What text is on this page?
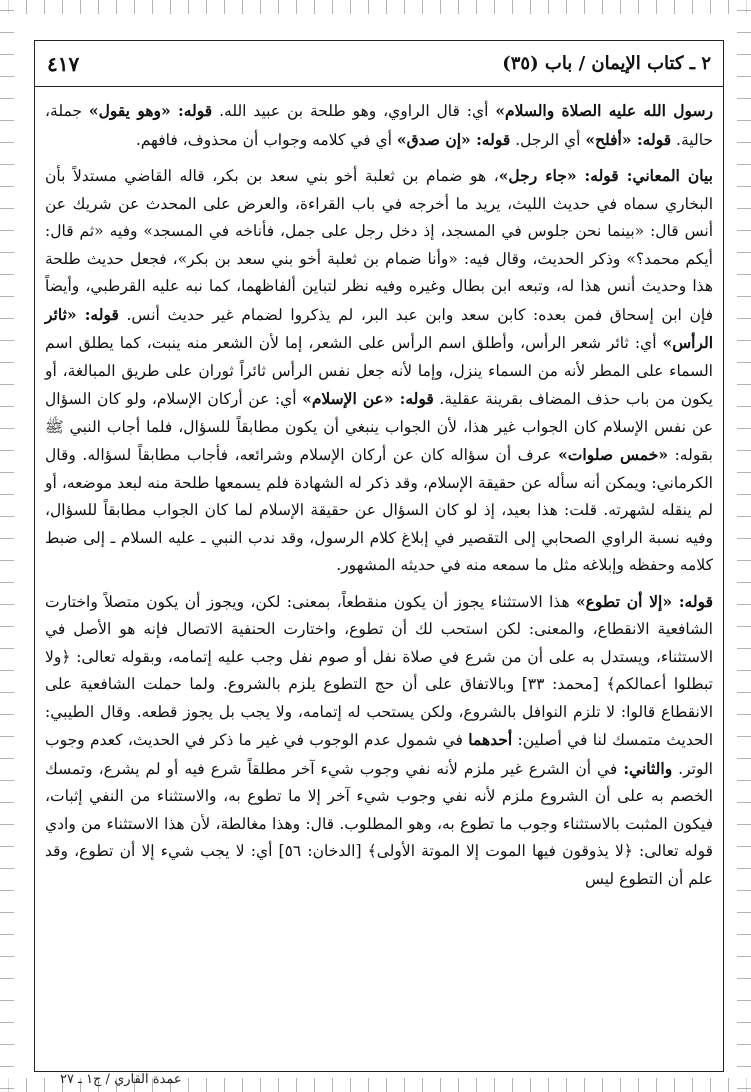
٢ ـ كتاب الإيمان / باب (٣٥)
٤١٧

رسول الله عليه الصلاة والسلام» أي: قال الراوي، وهو طلحة بن عبيد الله. قوله: «وهو يقول» جملة، حالية. قوله: «أفلح» أي الرجل. قوله: «إن صدق» أي في كلامه وجواب أن محذوف، فافهم.

بيان المعاني: قوله: «جاء رجل»، هو ضمام بن ثعلبة أخو بني سعد بن بكر، قاله القاضي مستدلاً بأن البخاري سماه في حديث الليث، يريد ما أخرجه في باب القراءة، والعرض على المحدث عن شريك عن أنس قال: «بينما نحن جلوس في المسجد، إذ دخل رجل على جمل، فأناخه في المسجد» وفيه «ثم قال: أيكم محمد؟» وذكر الحديث، وقال فيه: «وأنا ضمام بن ثعلبة أخو بني سعد بن بكر»، فجعل حديث طلحة هذا وحديث أنس هذا له، وتبعه ابن بطال وغيره وفيه نظر لتباين ألفاظهما، كما نبه عليه القرطبي، وأيضاً فإن ابن إسحاق فمن بعده: كابن سعد وابن عبد البر، لم يذكروا لضمام غير حديث أنس. قوله: «ثائر الرأس» أي: ثائر شعر الرأس، وأطلق اسم الرأس على الشعر، إما لأن الشعر منه ينبت، كما يطلق اسم السماء على المطر لأنه من السماء ينزل، وإما لأنه جعل نفس الرأس ثائراً ثوران على طريق المبالغة، أو يكون من باب حذف المضاف بقرينة عقلية. قوله: «عن الإسلام» أي: عن أركان الإسلام، ولو كان السؤال عن نفس الإسلام كان الجواب غير هذا، لأن الجواب ينبغي أن يكون مطابقاً للسؤال، فلما أجاب النبي ﷺ بقوله: «خمس صلوات» عرف أن سؤاله كان عن أركان الإسلام وشرائعه، فأجاب مطابقاً لسؤاله. وقال الكرماني: ويمكن أنه سأله عن حقيقة الإسلام، وقد ذكر له الشهادة فلم يسمعها طلحة منه لبعد موضعه، أو لم ينقله لشهرته. قلت: هذا بعيد، إذ لو كان السؤال عن حقيقة الإسلام لما كان الجواب مطابقاً للسؤال، وفيه نسبة الراوي الصحابي إلى التقصير في إبلاغ كلام الرسول، وقد ندب النبي ـ عليه السلام ـ إلى ضبط كلامه وحفظه وإبلاغه مثل ما سمعه منه في حديثه المشهور.

قوله: «إلا أن تطوع» هذا الاستثناء يجوز أن يكون منقطعاً، بمعنى: لكن، ويجوز أن يكون متصلاً واختارت الشافعية الانقطاع، والمعنى: لكن استحب لك أن تطوع، واختارت الحنفية الاتصال فإنه هو الأصل في الاستثناء، ويستدل به على أن من شرع في صلاة نفل أو صوم نفل وجب عليه إتمامه، وبقوله تعالى: ﴿ولا تبطلوا أعمالكم﴾ [محمد: ٣٣] وبالاتفاق على أن حج التطوع يلزم بالشروع. ولما حملت الشافعية على الانقطاع قالوا: لا تلزم النوافل بالشروع، ولكن يستحب له إتمامه، ولا يجب بل يجوز قطعه. وقال الطيبي: الحديث متمسك لنا في أصلين: أحدهما في شمول عدم الوجوب في غير ما ذكر في الحديث، كعدم وجوب الوتر. والثاني: في أن الشرع غير ملزم لأنه نفي وجوب شيء آخر مطلقاً شرع فيه أو لم يشرع، وتمسك الخصم به على أن الشروع ملزم لأنه نفي وجوب شيء آخر إلا ما تطوع به، والاستثناء من النفي إثبات، فيكون المثبت بالاستثناء وجوب ما تطوع به، وهو المطلوب. قال: وهذا مغالطة، لأن هذا الاستثناء من وادي قوله تعالى: ﴿لا يذوقون فيها الموت إلا الموتة الأولى﴾ [الدخان: ٥٦] أي: لا يجب شيء إلا أن تطوع، وقد علم أن التطوع ليس

عمدة القاري / ج١ ـ ٢٧
